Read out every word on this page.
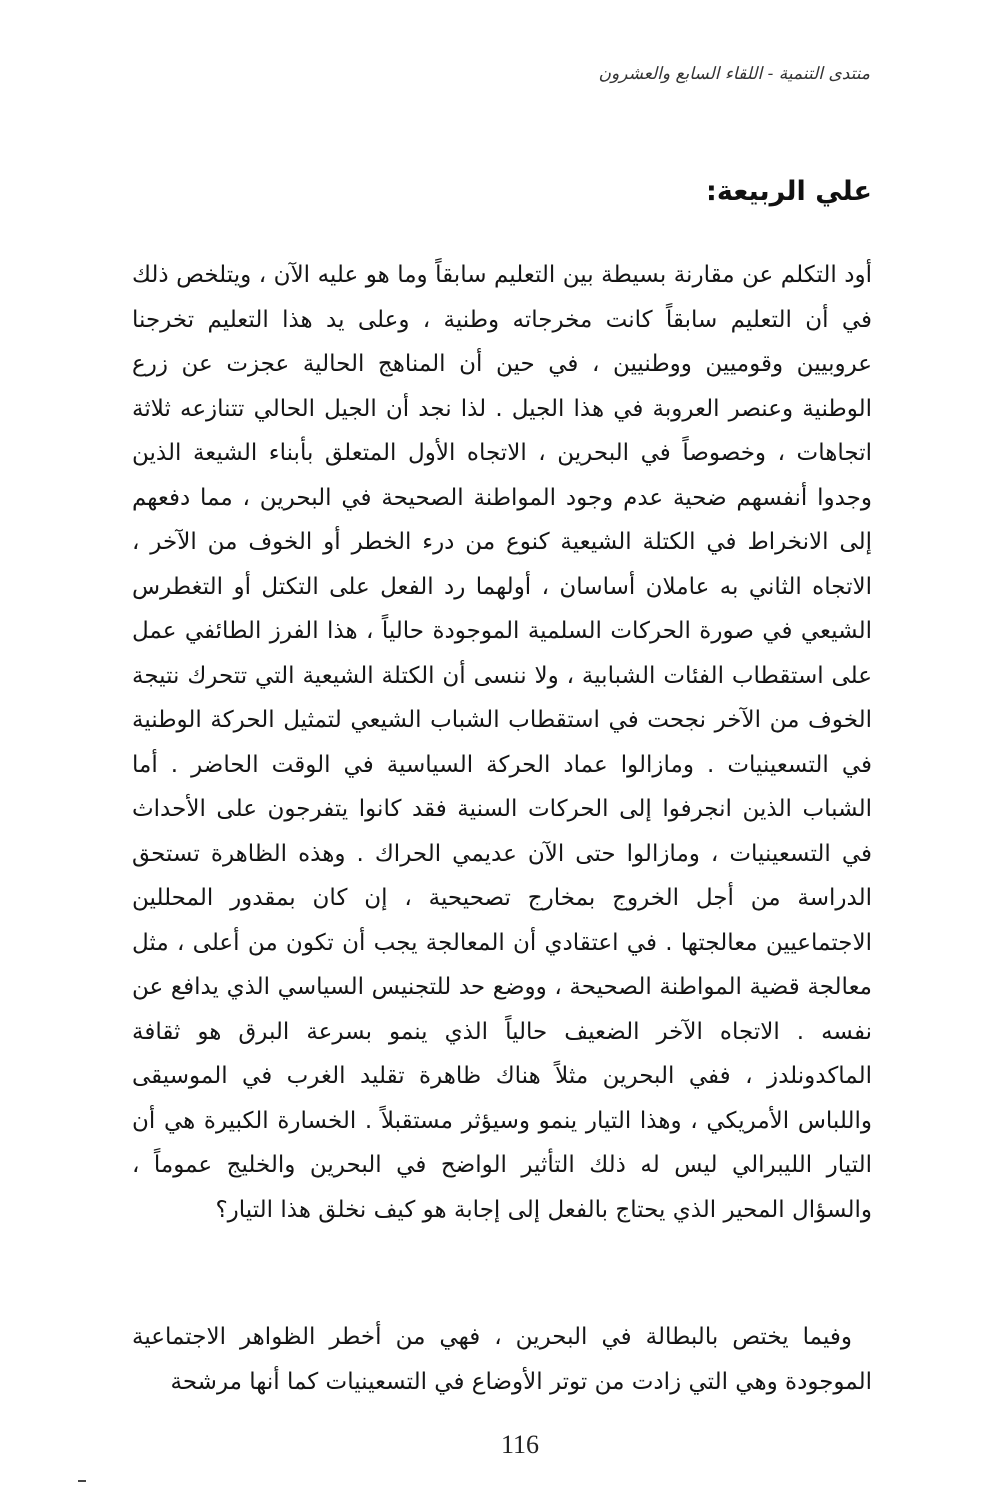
منتدى التنمية - اللقاء السابع والعشرون
علي الربيعة:

أود التكلم عن مقارنة بسيطة بين التعليم سابقاً وما هو عليه الآن ، ويتلخص ذلك في أن التعليم سابقاً كانت مخرجاته وطنية ، وعلى يد هذا التعليم تخرجنا عروبيين وقوميين ووطنيين ، في حين أن المناهج الحالية عجزت عن زرع الوطنية وعنصر العروبة في هذا الجيل . لذا نجد أن الجيل الحالي تتنازعه ثلاثة اتجاهات ، وخصوصاً في البحرين ، الاتجاه الأول المتعلق بأبناء الشيعة الذين وجدوا أنفسهم ضحية عدم وجود المواطنة الصحيحة في البحرين ، مما دفعهم إلى الانخراط في الكتلة الشيعية كنوع من درء الخطر أو الخوف من الآخر ، الاتجاه الثاني به عاملان أساسان ، أولهما رد الفعل على التكتل أو التغطرس الشيعي في صورة الحركات السلمية الموجودة حالياً ، هذا الفرز الطائفي عمل على استقطاب الفئات الشبابية ، ولا ننسى أن الكتلة الشيعية التي تتحرك نتيجة الخوف من الآخر نجحت في استقطاب الشباب الشيعي لتمثيل الحركة الوطنية في التسعينيات . ومازالوا عماد الحركة السياسية في الوقت الحاضر . أما الشباب الذين انجرفوا إلى الحركات السنية فقد كانوا يتفرجون على الأحداث في التسعينيات ، ومازالوا حتى الآن عديمي الحراك . وهذه الظاهرة تستحق الدراسة من أجل الخروج بمخارج تصحيحية ، إن كان بمقدور المحللين الاجتماعيين معالجتها . في اعتقادي أن المعالجة يجب أن تكون من أعلى ، مثل معالجة قضية المواطنة الصحيحة ، ووضع حد للتجنيس السياسي الذي يدافع عن نفسه . الاتجاه الآخر الضعيف حالياً الذي ينمو بسرعة البرق هو ثقافة الماكدونلدز ، ففي البحرين مثلاً هناك ظاهرة تقليد الغرب في الموسيقى واللباس الأمريكي ، وهذا التيار ينمو وسيؤثر مستقبلاً . الخسارة الكبيرة هي أن التيار الليبرالي ليس له ذلك التأثير الواضح في البحرين والخليج عموماً ، والسؤال المحير الذي يحتاج بالفعل إلى إجابة هو كيف نخلق هذا التيار؟

وفيما يختص بالبطالة في البحرين ، فهي من أخطر الظواهر الاجتماعية الموجودة وهي التي زادت من توتر الأوضاع في التسعينيات كما أنها مرشحة

116
